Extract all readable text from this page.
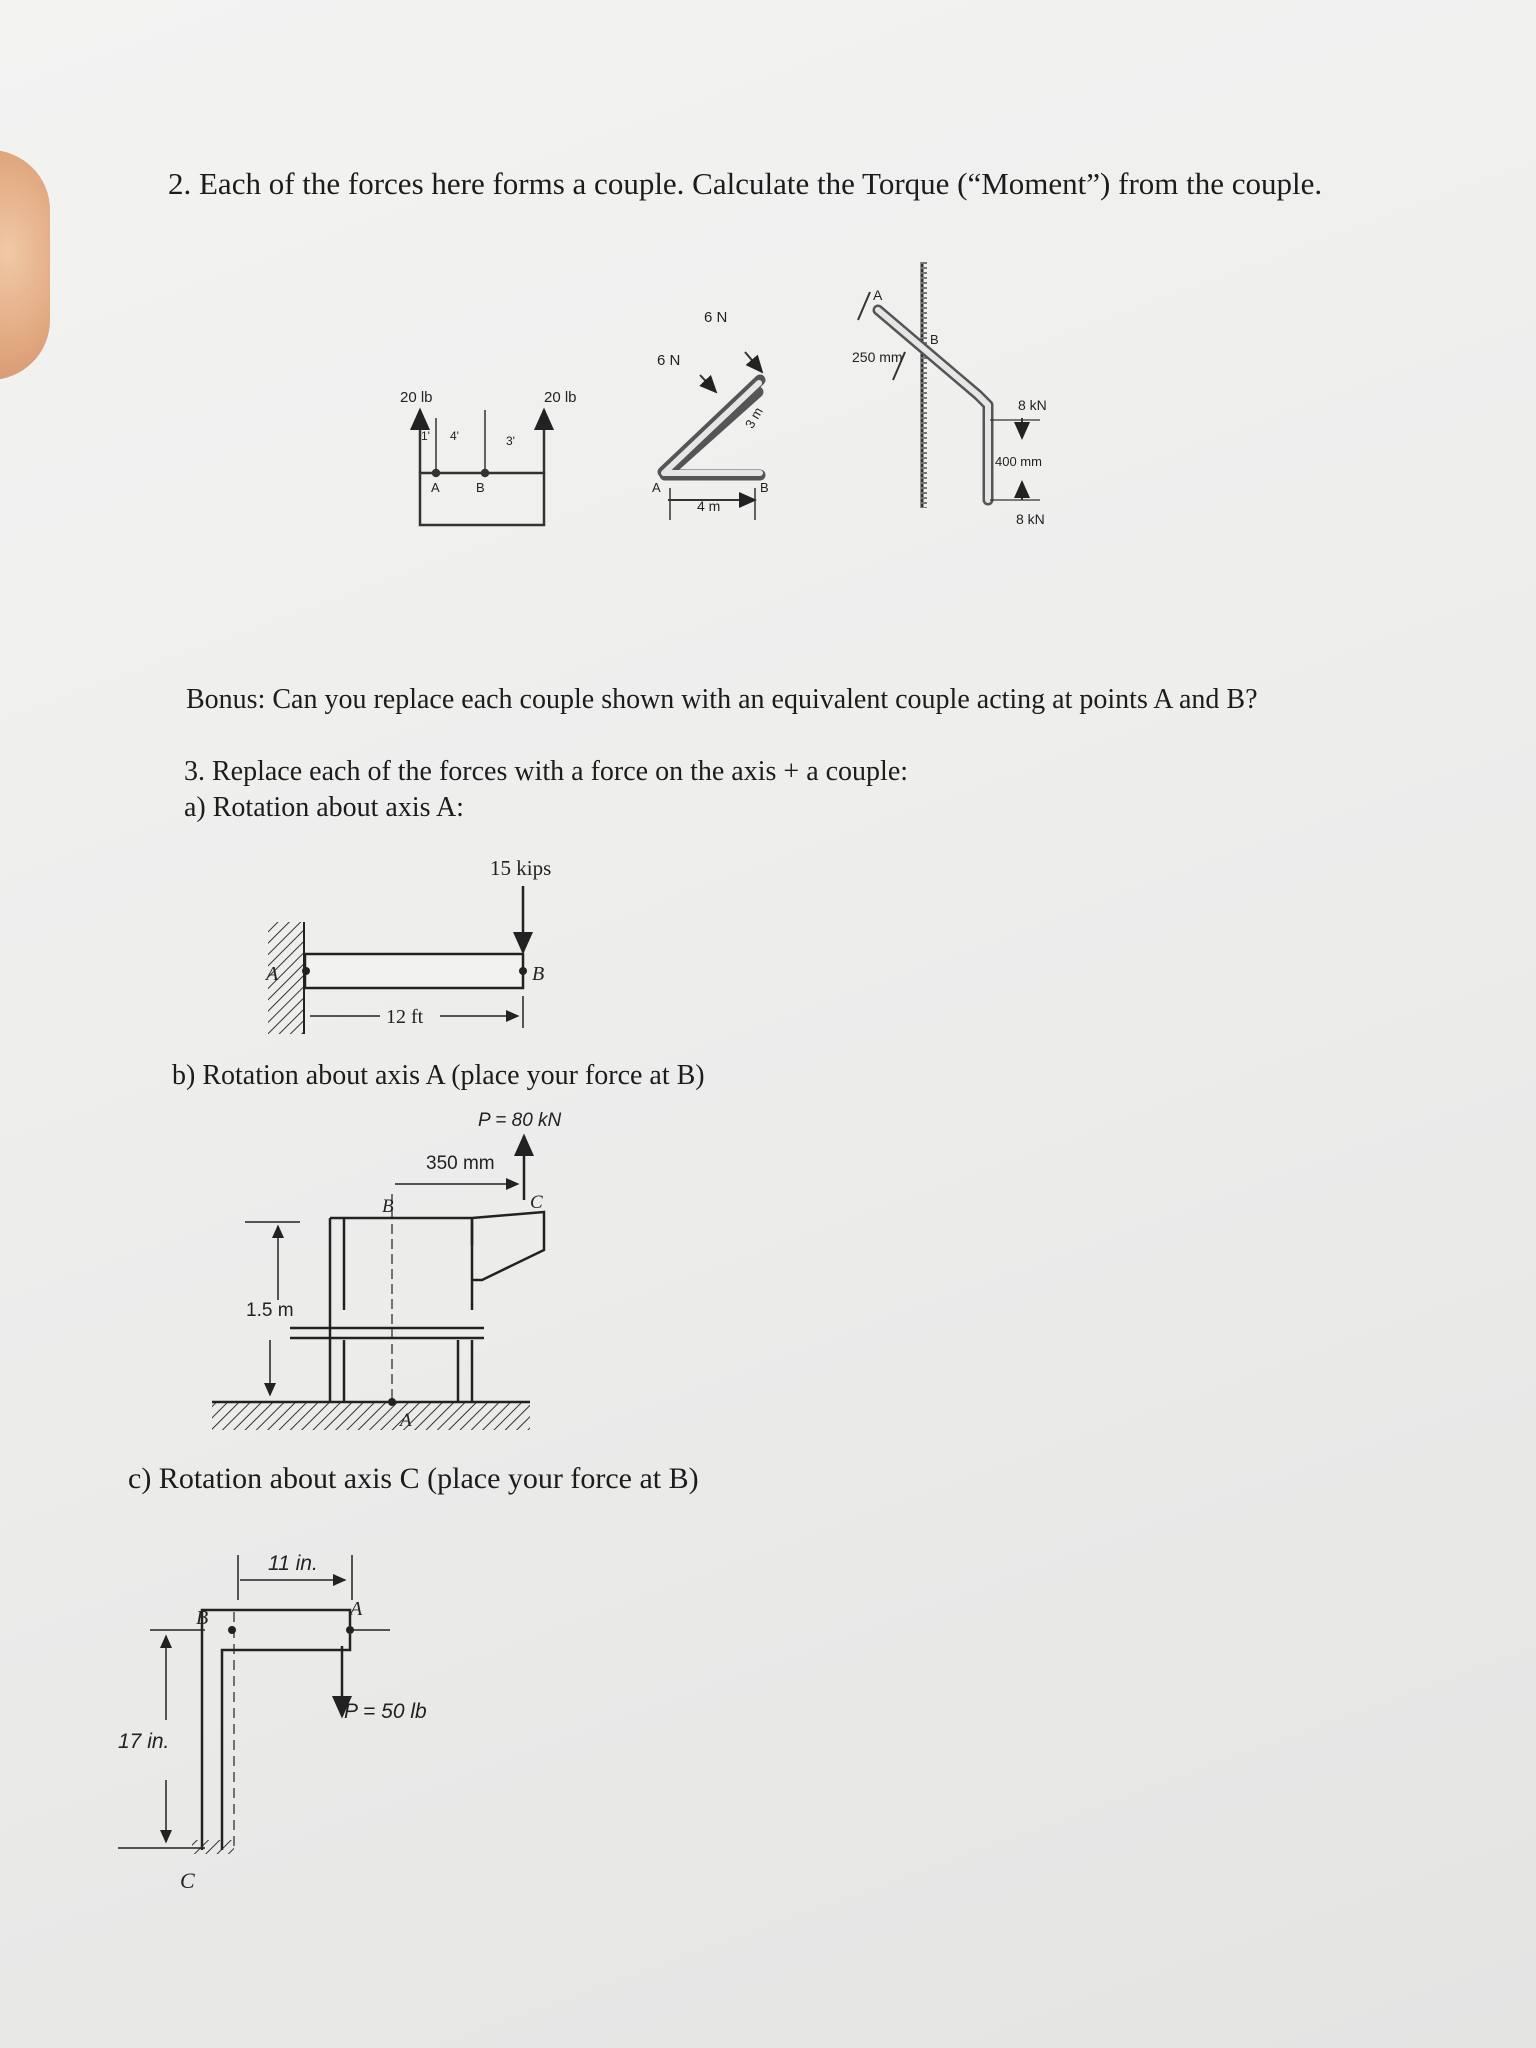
2. Each of the forces here forms a couple. Calculate the Torque (“Moment”) from the couple.
20 lb	20 lb
1' 4'	3'
A	B
6 N
6 N
3 m
4 m
A	B
A
B
250 mm
8 kN
400 mm
8 kN
15 kips
A	B
12 ft
P = 80 kN
350 mm
1.5 m
A
B	C
11 in.
17 in.
P = 50 lb
A
B
C
Bonus: Can you replace each couple shown with an equivalent couple acting at points A and B?
3. Replace each of the forces with a force on the axis + a couple:
a) Rotation about axis A:
b) Rotation about axis A (place your force at B)
c) Rotation about axis C (place your force at B)
